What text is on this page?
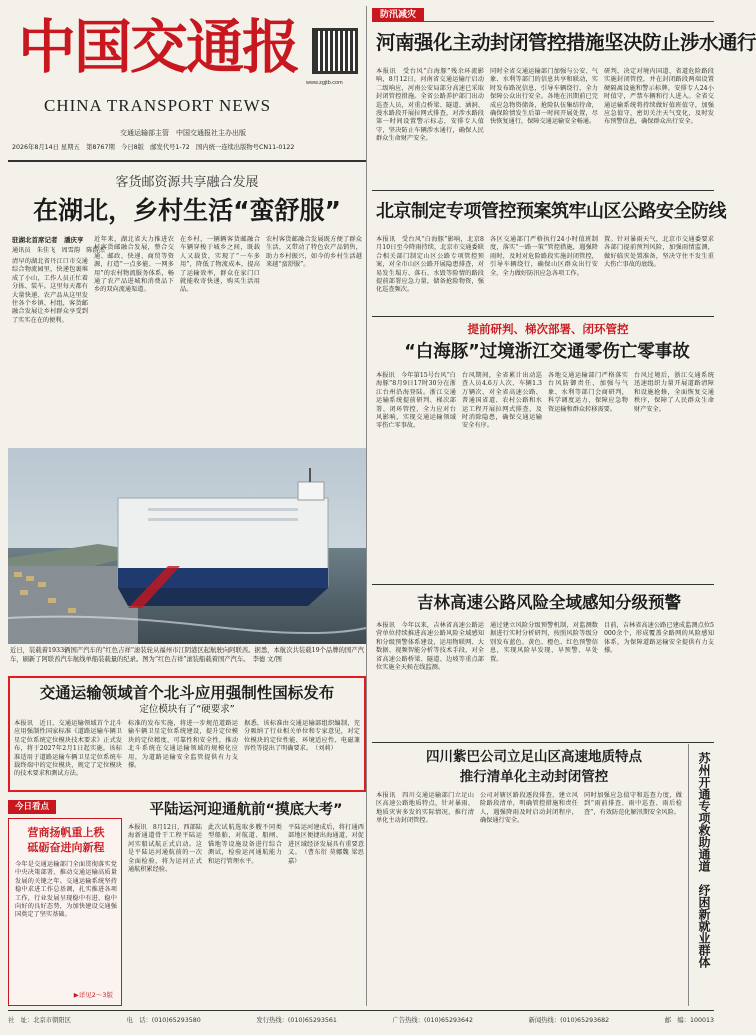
中国交通报
CHINA TRANSPORT NEWS
www.zgjtb.com
交通运输部主管　中国交通报社主办出版
2026年8月14日 星期五　第8767期　今日8版　邮发代号1-72　国内统一连续出版物号CN11-0122
防汛减灾
河南强化主动封闭管控措施坚决防止涉水通行
本报讯　受台风“白海豚”残余环流影响，8月12日，河南省交通运输厅启动二级响应，河南公安局部分高速已采取封闭管控措施。全省公路养护部门出动巡查人员，对重点桥梁、隧道、涵洞、漫水路段开展拉网式排查，对涉水路段第一时间设置警示标志，安排专人值守，坚决防止车辆涉水通行，确保人民群众生命财产安全。
同时全省交通运输部门加强与公安、气象、水利等部门的信息共享和联动，实时发布路况信息，引导车辆绕行，全力保障公众出行安全。各地在汛期前已完成应急物资储备，抢险队伍集结待命，确保险情发生后第一时间开展处置，尽快恢复通行，保障交通运输安全畅通。
研判，决定对境内国道、省道危险路段实施封闭管控，并在封闭路段两端设置硬隔离设施和警示标牌，安排专人24小时值守，严禁车辆和行人进入。全省交通运输系统将持续做好值班值守，加强应急值守，密切关注天气变化，及时发布预警信息，确保群众出行安全。
北京制定专项管控预案筑牢山区公路安全防线
本报讯　受台风“白海豚”影响，北京8月10日至今降雨持续，北京市交通委联合相关部门制定山区公路专项管控预案，对全市山区公路开展隐患排查，对易发生塌方、落石、水毁等险情的路段提前部署应急力量，储备抢险物资，强化巡查频次。
各区交通部门严格执行24小时值班制度，落实“一路一策”管控措施，遇强降雨时，及时对危险路段实施封闭管控，引导车辆绕行，确保山区群众出行安全，全力做好防汛应急各项工作。
置。针对暴雨天气，北京市交通委要求各部门提前预判风险，加强雨情监测，做好临灾处置准备，坚决守住不发生重大伤亡事故的底线。
提前研判、梯次部署、闭环管控
“白海豚”过境浙江交通零伤亡零事故
本报讯　今年第15号台风“白海豚”8月9日17时30分在浙江台州沿海登陆。浙江交通运输系统提前研判、梯次部署、闭环管控，全力应对台风影响，实现交通运输领域零伤亡零事故。
台风期间，全省累计出动巡查人员4.6万人次、车辆1.3万辆次，对全省高速公路、普通国省道、农村公路和水运工程开展拉网式排查，及时消除隐患，确保交通运输安全有序。
各地交通运输部门严格落实台风防御责任，加强与气象、水利等部门会商研判，科学调度运力，保障应急物资运输和群众转移需要。
台风过境后，浙江交通系统迅速组织力量开展道路清障和设施抢修，全面恢复交通秩序，保障了人民群众生命财产安全。
吉林高速公路风险全域感知分级预警
本报讯　今年以来，吉林省高速公路运营单位持续推进高速公路风险全域感知和分级预警体系建设，运用物联网、大数据、视频智能分析等技术手段，对全省高速公路桥梁、隧道、边坡等重点部位实施全天候在线监测。
通过建立风险分级预警机制，对监测数据进行实时分析研判，按照风险等级分别发布蓝色、黄色、橙色、红色预警信息，实现风险早发现、早预警、早处置。
目前，吉林省高速公路已建成监测点位5000余个，形成覆盖全路网的风险感知体系，为保障道路运输安全提供有力支撑。
四川紫巴公司立足山区高速地质特点
推行清单化主动封闭管控
本报讯　四川交通运输部门立足山区高速公路地质特点，针对暴雨、地质灾害多发的实际情况，推行清单化主动封闭管控。
公司对辖区路段逐段排查，建立风险路段清单，明确管控措施和责任人，遇强降雨及时启动封闭程序，确保通行安全。
同时加强应急值守和巡查力度，做到“雨前排查、雨中巡查、雨后检查”，有效防范化解汛期安全风险。 苏州开通专项救助通道　纾困新就业群体
客货邮资源共享融合发展
在湖北，乡村生活“蛮舒服”
驻湖北首席记者　潘庆亨
通讯员　朱佳飞　周雪韵　陈浩杰
清早的湖北省丹江口市交通综合物流园里，快递包裹堆成了小山，工作人员正忙着分拣、装车。这里每天都有大量快递、农产品从这里发往各个乡镇、村组，客货邮融合发展让乡村群众享受到了实实在在的便利。
近年来，湖北省大力推进农村客货邮融合发展，整合交通、邮政、快递、商贸等资源，打造“一点多能、一网多用”的农村物流服务体系，畅通了农产品进城和消费品下乡的双向流通渠道。
在乡村，一辆辆客货邮融合车辆穿梭于城乡之间，既载人又载货，实现了“一车多用”，降低了物流成本，提高了运输效率，群众在家门口就能收寄快递，购买生活用品。
农村客货邮融合发展既方便了群众生活，又带动了特色农产品销售，助力乡村振兴，如今的乡村生活越来越“蛮舒服”。
近日，装载着1933辆国产汽车的“红色吉祥”滚装轮从福州市江阴港区起航驶向阿联酋。据悉，本航次共装载19个品牌的国产汽车，刷新了阿联酋汽车航线单船装载量的纪录。图为“红色吉祥”滚装船载着国产汽车。　李德 文/图
交通运输领域首个北斗应用强制性国标发布
定位模块有了“硬要求”
本报讯　近日，交通运输领域首个北斗应用强制性国家标准《道路运输车辆卫星定位系统定位模块技术要求》正式发布，将于2027年2月1日起实施。该标准适用于道路运输车辆卫星定位系统车载终端中的定位模块，规定了定位模块的技术要求和测试方法。
标准的发布实施，将进一步规范道路运输车辆卫星定位系统建设，提升定位模块的定位精度、可靠性和安全性，推动北斗系统在交通运输领域的规模化应用，为道路运输安全监管提供有力支撑。
据悉，该标准由交通运输部组织编制，充分吸纳了行业相关单位和专家意见，对定位模块的定位性能、环境适应性、电磁兼容性等提出了明确要求。　（刘莉）
今日看点
营商扬帆重上秩　砥砺奋进向新程
今年是交通运输部门全面贯彻落实党中央决策部署、推动交通运输高质量发展的关键之年。交通运输系统坚持稳中求进工作总基调，扎实推进各项工作，行业发展呈现稳中有进、稳中向好的良好态势，为加快建设交通强国奠定了坚实基础。
▶详见2～3版
平陆运河迎通航前“摸底大考”
本报讯　8月12日，西部陆海新通道骨干工程平陆运河实船试航正式启动。这是平陆运河通航前的一次全面检验，将为运河正式通航积累经验。
此次试航选取多艘不同类型船舶，对航道、船闸、锚地等设施设备进行综合测试，检验运河通航能力和运行管理水平。
平陆运河建成后，将打通西部地区便捷出海通道，对促进区域经济发展具有重要意义。　（曹东衍 莫娜魏 梁思嘉）
社　址：北京市朝阳区	电　话：(010)65293580	发行热线：(010)65293561	广告热线：(010)65293642	新闻热线：(010)65293682	邮　编：100013
